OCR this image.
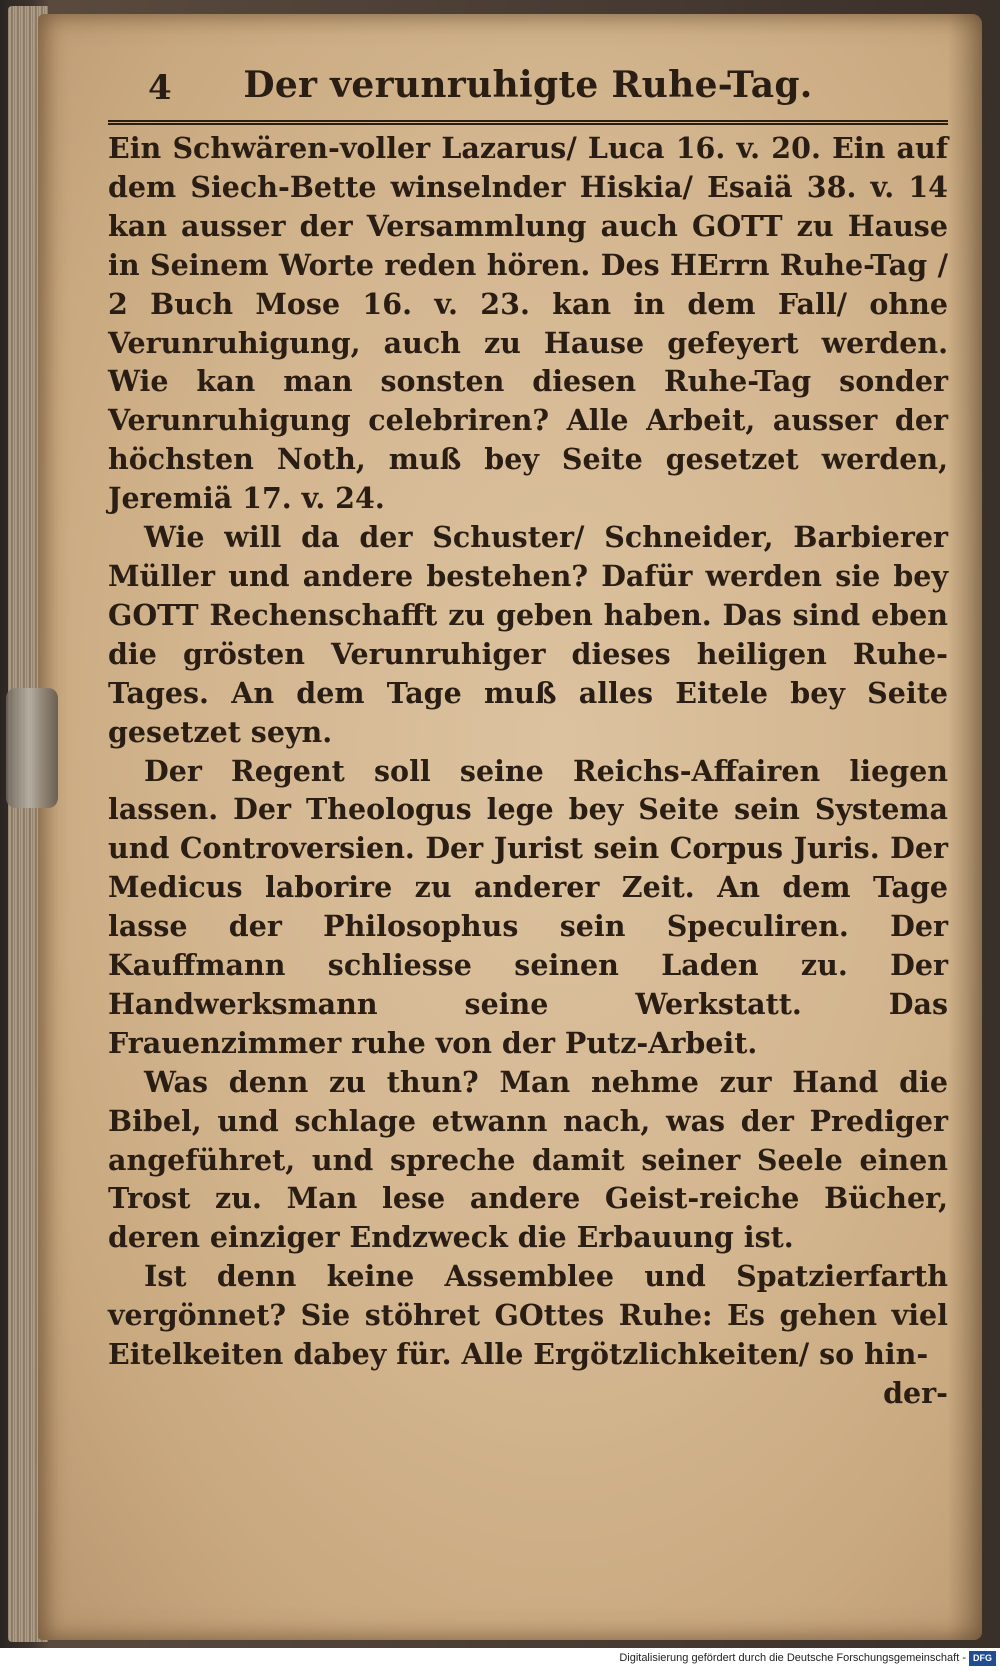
4	Der verunruhigte Ruhe-Tag.

Ein Schwären-voller Lazarus/ Luca 16. v. 20. Ein auf dem Siech-Bette winselnder Hiskia/ Esaiä 38. v. 14 kan ausser der Versammlung auch GOTT zu Hause in Seinem Worte reden hören. Des HErrn Ruhe-Tag / 2 Buch Mose 16. v. 23. kan in dem Fall/ ohne Verunruhigung, auch zu Hause gefeyert werden. Wie kan man sonsten diesen Ruhe-Tag sonder Verunruhigung celebriren? Alle Arbeit, ausser der höchsten Noth, muß bey Seite gesetzet werden, Jeremiä 17. v. 24.

Wie will da der Schuster/ Schneider, Barbierer Müller und andere bestehen? Dafür werden sie bey GOTT Rechenschafft zu geben haben. Das sind eben die grösten Verunruhiger dieses heiligen Ruhe-Tages. An dem Tage muß alles Eitele bey Seite gesetzet seyn.

Der Regent soll seine Reichs-Affairen liegen lassen. Der Theologus lege bey Seite sein Systema und Controversien. Der Jurist sein Corpus Juris. Der Medicus laborire zu anderer Zeit. An dem Tage lasse der Philosophus sein Speculiren. Der Kauffmann schliesse seinen Laden zu. Der Handwerksmann seine Werkstatt. Das Frauenzimmer ruhe von der Putz-Arbeit.

Was denn zu thun? Man nehme zur Hand die Bibel, und schlage etwann nach, was der Prediger angeführet, und spreche damit seiner Seele einen Trost zu. Man lese andere Geist-reiche Bücher, deren einziger Endzweck die Erbauung ist.

Ist denn keine Assemblee und Spatzierfarth vergönnet? Sie stöhret GOttes Ruhe: Es gehen viel Eitelkeiten dabey für. Alle Ergötzlichkeiten/ so hin-

der-
Digitalisierung gefördert durch die Deutsche Forschungsgemeinschaft - DFG
